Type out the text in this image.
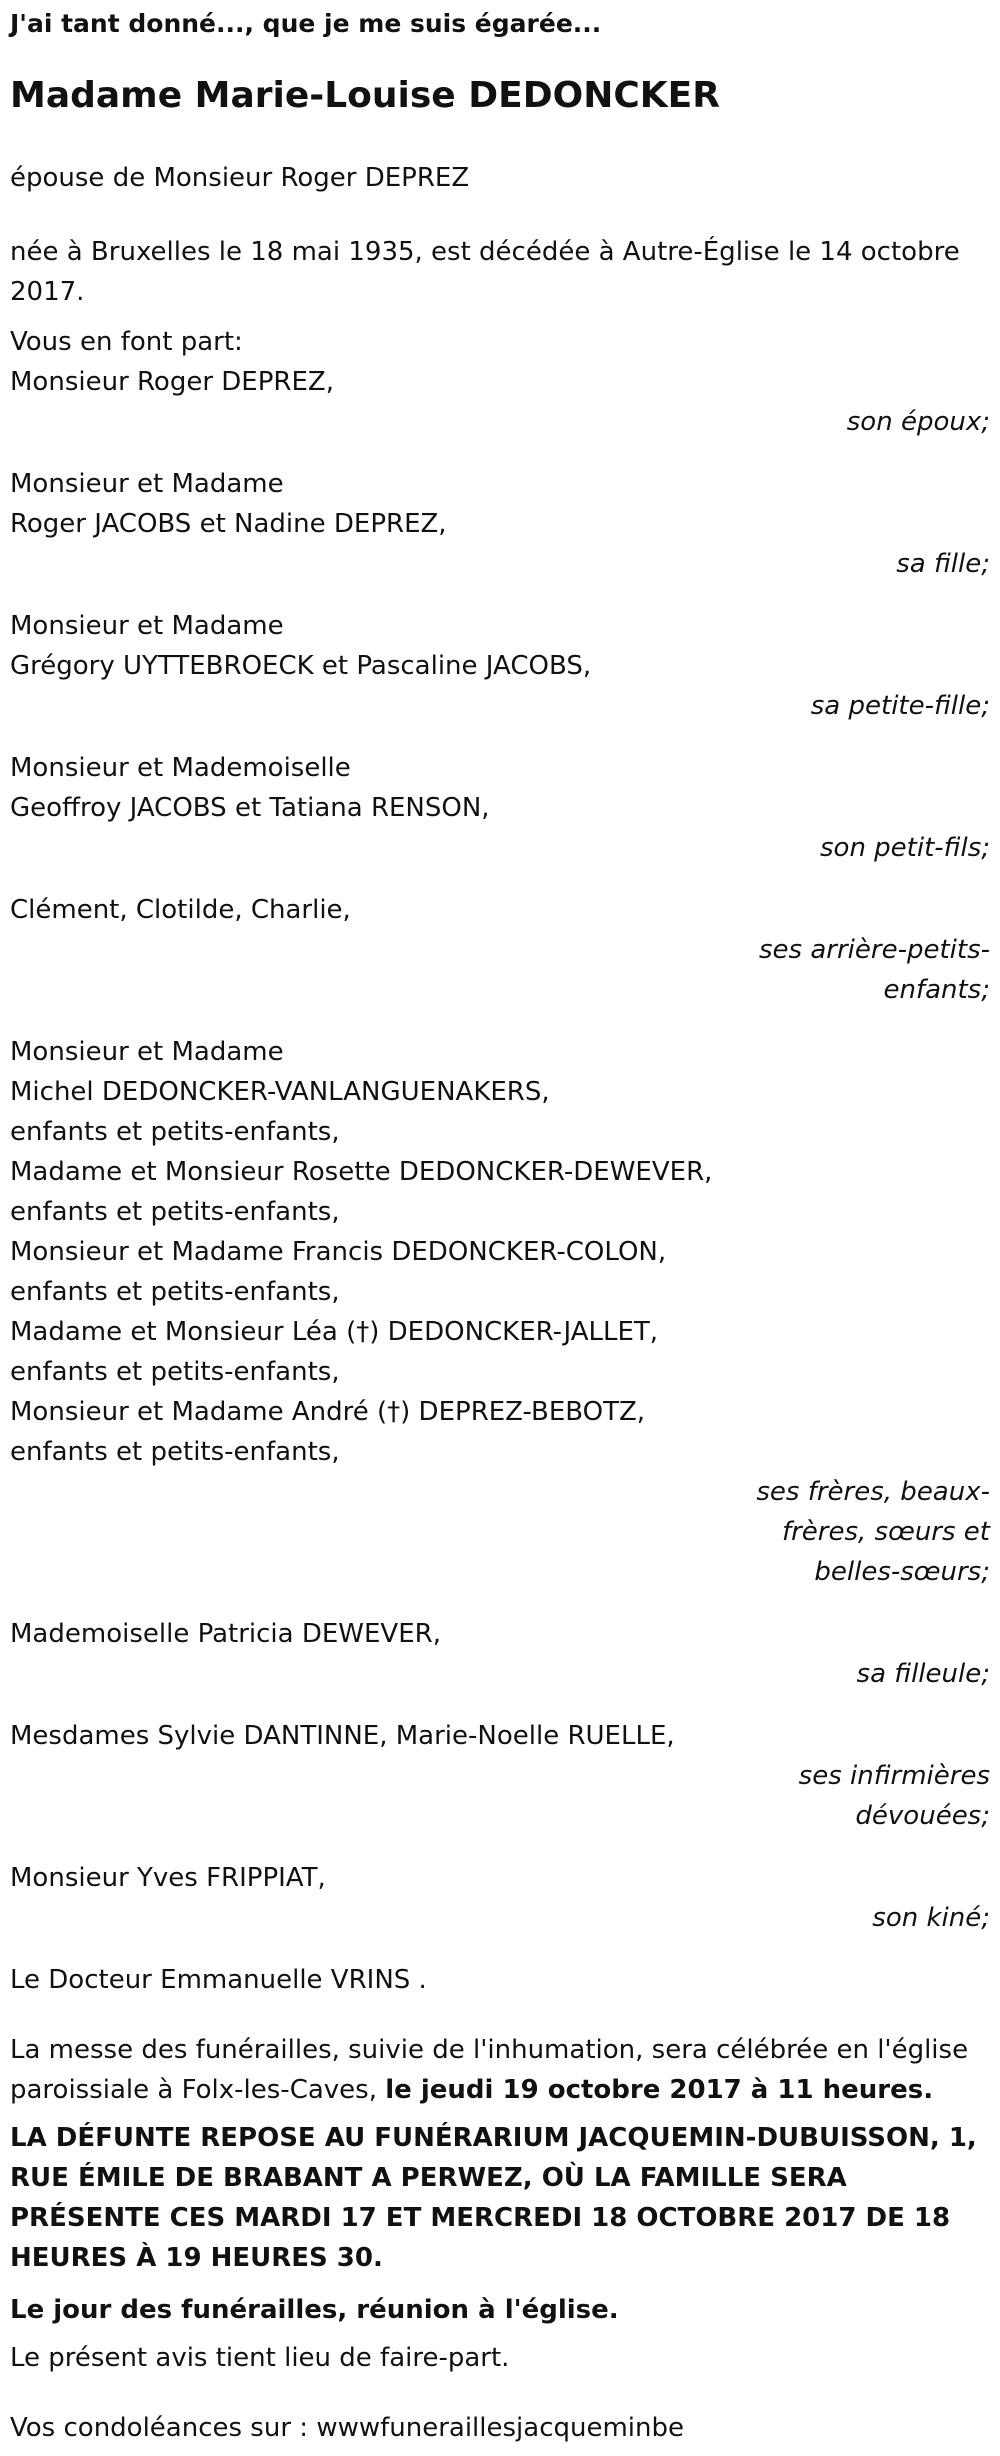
J'ai tant donné..., que je me suis égarée...
Madame Marie-Louise DEDONCKER
épouse de Monsieur Roger DEPREZ
née à Bruxelles le 18 mai 1935, est décédée à Autre-Église le 14 octobre 2017.
Vous en font part:
Monsieur Roger DEPREZ,
son époux;
Monsieur et Madame
Roger JACOBS et Nadine DEPREZ,
sa fille;
Monsieur et Madame
Grégory UYTTEBROECK et Pascaline JACOBS,
sa petite-fille;
Monsieur et Mademoiselle
Geoffroy JACOBS et Tatiana RENSON,
son petit-fils;
Clément, Clotilde, Charlie,
ses arrière-petits-enfants;
Monsieur et Madame
Michel DEDONCKER-VANLANGUENAKERS,
enfants et petits-enfants,
Madame et Monsieur Rosette DEDONCKER-DEWEVER,
enfants et petits-enfants,
Monsieur et Madame Francis DEDONCKER-COLON,
enfants et petits-enfants,
Madame et Monsieur Léa (†) DEDONCKER-JALLET,
enfants et petits-enfants,
Monsieur et Madame André (†) DEPREZ-BEBOTZ,
enfants et petits-enfants,
ses frères, beaux-frères, sœurs et belles-sœurs;
Mademoiselle Patricia DEWEVER,
sa filleule;
Mesdames Sylvie DANTINNE, Marie-Noelle RUELLE,
ses infirmières dévouées;
Monsieur Yves FRIPPIAT,
son kiné;
Le Docteur Emmanuelle VRINS .
La messe des funérailles, suivie de l'inhumation, sera célébrée en l'église paroissiale à Folx-les-Caves, le jeudi 19 octobre 2017 à 11 heures.
LA DÉFUNTE REPOSE AU FUNÉRARIUM JACQUEMIN-DUBUISSON, 1, RUE ÉMILE DE BRABANT A PERWEZ, OÙ LA FAMILLE SERA PRÉSENTE CES MARDI 17 ET MERCREDI 18 OCTOBRE 2017 DE 18 HEURES À 19 HEURES 30.
Le jour des funérailles, réunion à l'église.
Le présent avis tient lieu de faire-part.
Vos condoléances sur : wwwfuneraillesjacqueminbe
